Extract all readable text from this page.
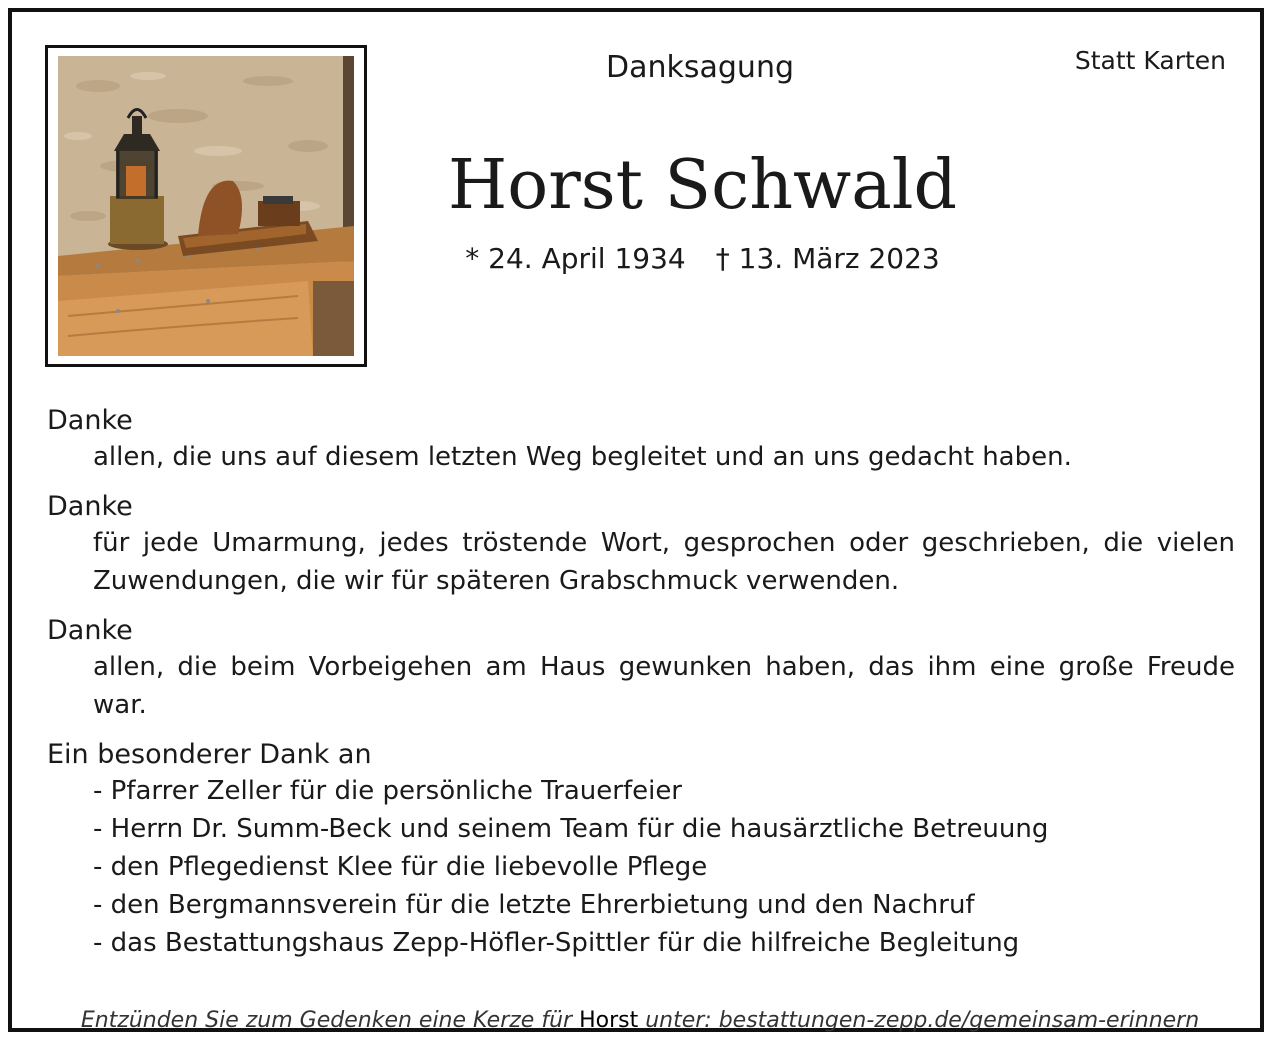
Danksagung	Statt Karten
Horst Schwald
* 24. April 1934 † 13. März 2023
Danke
allen, die uns auf diesem letzten Weg begleitet und an uns gedacht haben.
Danke
für jede Umarmung, jedes tröstende Wort, gesprochen oder geschrieben, die vielen Zuwendungen, die wir für späteren Grabschmuck verwenden.
Danke
allen, die beim Vorbeigehen am Haus gewunken haben, das ihm eine große Freude war.
Ein besonderer Dank an
- Pfarrer Zeller für die persönliche Trauerfeier
- Herrn Dr. Summ-Beck und seinem Team für die hausärztliche Betreuung
- den Pflegedienst Klee für die liebevolle Pflege
- den Bergmannsverein für die letzte Ehrerbietung und den Nachruf
- das Bestattungshaus Zepp-Höfler-Spittler für die hilfreiche Begleitung
Entzünden Sie zum Gedenken eine Kerze für Horst unter: bestattungen-zepp.de/gemeinsam-erinnern
